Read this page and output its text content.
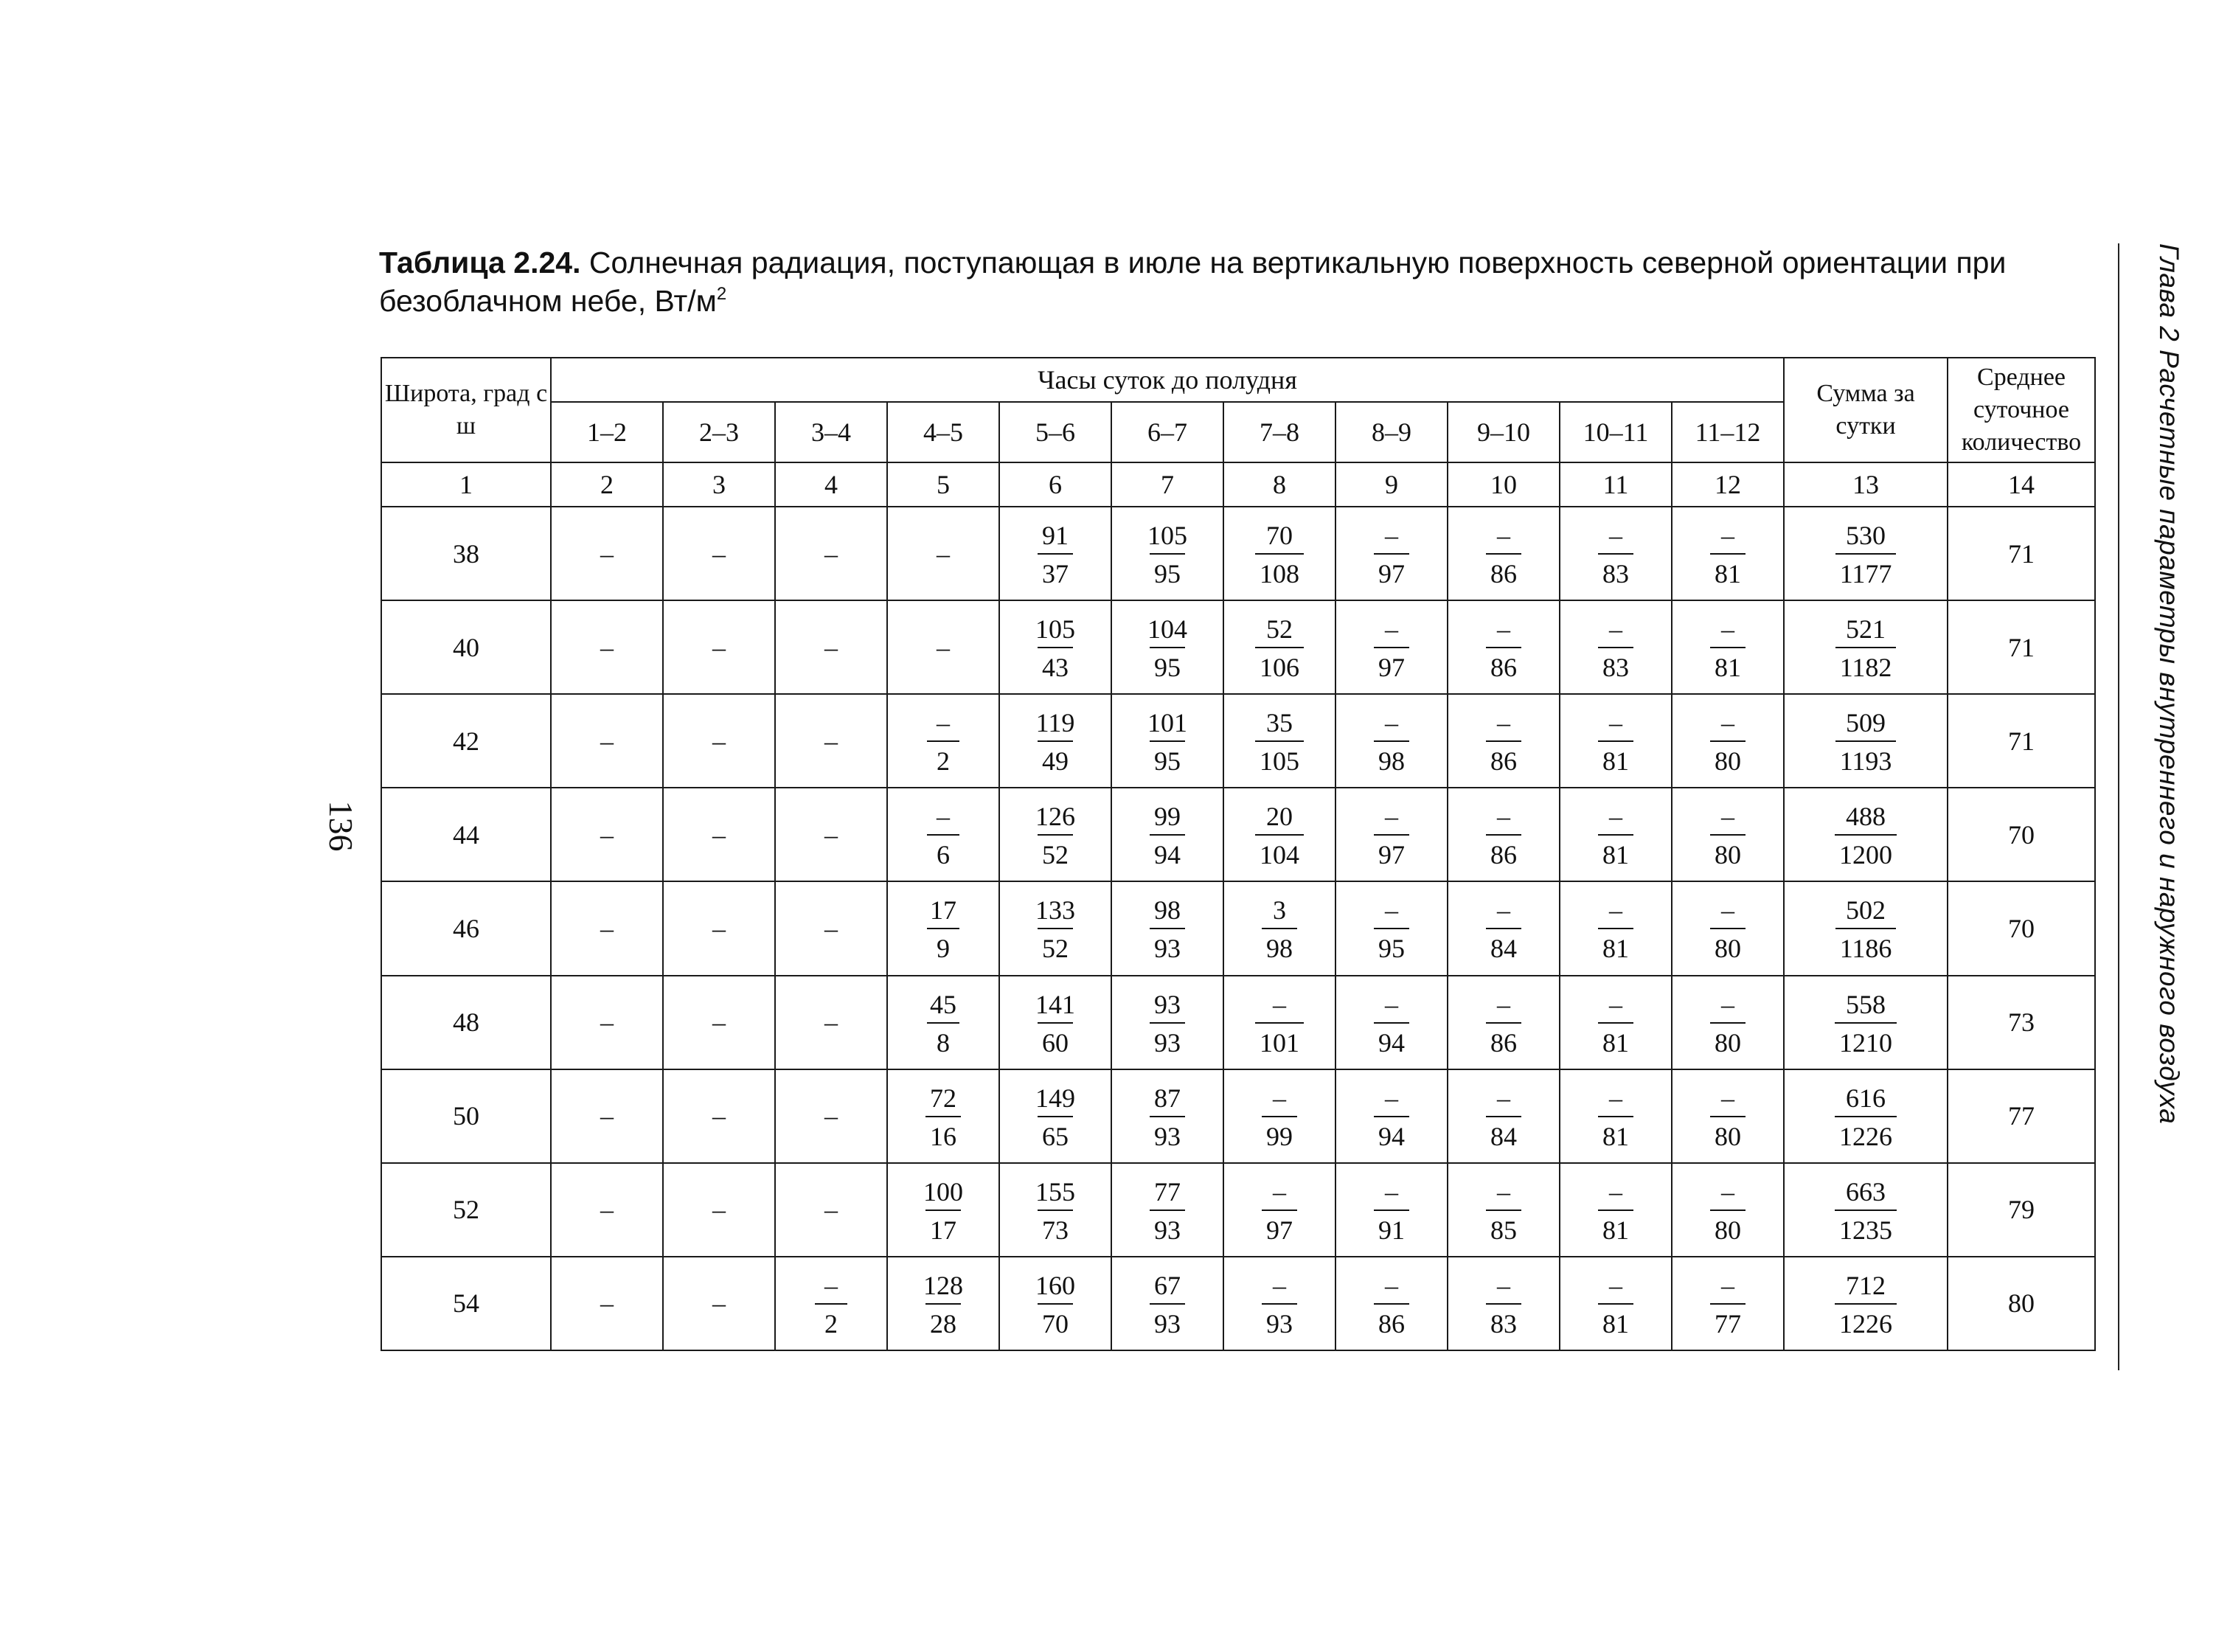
Таблица 2.24. Солнечная радиация, поступающая в июле на вертикальную поверхность северной ориентации при безоблачном небе, $Вт/м^2$
136	Глава 2 Расчетные параметры внутреннего и наружного воздуха
Широта, град с ш	Часы суток до полудня											Сумма за сутки	Среднее суточное количество
	1–2	2–3	3–4	4–5	5–6	6–7	7–8	8–9	9–10	10–11	11–12		
1	2	3	4	5	6	7	8	9	10	11	12	13	14
38	–	–	–	–	$\frac{91}{37}$	$\frac{105}{95}$	$\frac{70}{108}$	$\frac{-}{97}$	$\frac{-}{86}$	$\frac{-}{83}$	$\frac{-}{81}$	$\frac{530}{1177}$	71
40	–	–	–	–	$\frac{105}{43}$	$\frac{104}{95}$	$\frac{52}{106}$	$\frac{-}{97}$	$\frac{-}{86}$	$\frac{-}{83}$	$\frac{-}{81}$	$\frac{521}{1182}$	71
42	–	–	–	$\frac{-}{2}$	$\frac{119}{49}$	$\frac{101}{95}$	$\frac{35}{105}$	$\frac{-}{98}$	$\frac{-}{86}$	$\frac{-}{81}$	$\frac{-}{80}$	$\frac{509}{1193}$	71
44	–	–	–	$\frac{-}{6}$	$\frac{126}{52}$	$\frac{99}{94}$	$\frac{20}{104}$	$\frac{-}{97}$	$\frac{-}{86}$	$\frac{-}{81}$	$\frac{-}{80}$	$\frac{488}{1200}$	70
46	–	–	–	$\frac{17}{9}$	$\frac{133}{52}$	$\frac{98}{93}$	$\frac{3}{98}$	$\frac{-}{95}$	$\frac{-}{84}$	$\frac{-}{81}$	$\frac{-}{80}$	$\frac{502}{1186}$	70
48	–	–	–	$\frac{45}{8}$	$\frac{141}{60}$	$\frac{93}{93}$	$\frac{-}{101}$	$\frac{-}{94}$	$\frac{-}{86}$	$\frac{-}{81}$	$\frac{-}{80}$	$\frac{558}{1210}$	73
50	–	–	–	$\frac{72}{16}$	$\frac{149}{65}$	$\frac{87}{93}$	$\frac{-}{99}$	$\frac{-}{94}$	$\frac{-}{84}$	$\frac{-}{81}$	$\frac{-}{80}$	$\frac{616}{1226}$	77
52	–	–	–	$\frac{100}{17}$	$\frac{155}{73}$	$\frac{77}{93}$	$\frac{-}{97}$	$\frac{-}{91}$	$\frac{-}{85}$	$\frac{-}{81}$	$\frac{-}{80}$	$\frac{663}{1235}$	79
54	–	–	$\frac{-}{2}$	$\frac{128}{28}$	$\frac{160}{70}$	$\frac{67}{93}$	$\frac{-}{93}$	$\frac{-}{86}$	$\frac{-}{83}$	$\frac{-}{81}$	$\frac{-}{77}$	$\frac{712}{1226}$	80
